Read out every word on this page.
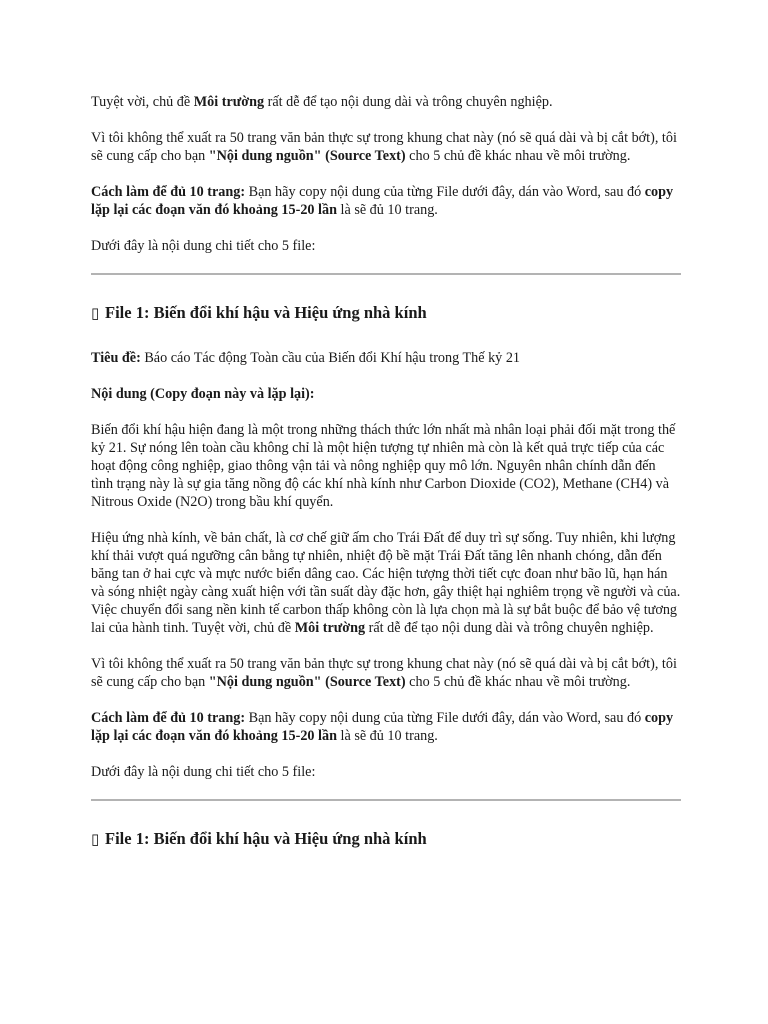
Tuyệt vời, chủ đề Môi trường rất dễ để tạo nội dung dài và trông chuyên nghiệp.

Vì tôi không thể xuất ra 50 trang văn bản thực sự trong khung chat này (nó sẽ quá dài và bị cắt bớt), tôi sẽ cung cấp cho bạn "Nội dung nguồn" (Source Text) cho 5 chủ đề khác nhau về môi trường.

Cách làm để đủ 10 trang: Bạn hãy copy nội dung của từng File dưới đây, dán vào Word, sau đó copy lặp lại các đoạn văn đó khoảng 15-20 lần là sẽ đủ 10 trang.

Dưới đây là nội dung chi tiết cho 5 file:

▯ File 1: Biến đổi khí hậu và Hiệu ứng nhà kính

Tiêu đề: Báo cáo Tác động Toàn cầu của Biến đổi Khí hậu trong Thế kỷ 21

Nội dung (Copy đoạn này và lặp lại):

Biến đổi khí hậu hiện đang là một trong những thách thức lớn nhất mà nhân loại phải đối mặt trong thế kỷ 21. Sự nóng lên toàn cầu không chỉ là một hiện tượng tự nhiên mà còn là kết quả trực tiếp của các hoạt động công nghiệp, giao thông vận tải và nông nghiệp quy mô lớn. Nguyên nhân chính dẫn đến tình trạng này là sự gia tăng nồng độ các khí nhà kính như Carbon Dioxide (CO2), Methane (CH4) và Nitrous Oxide (N2O) trong bầu khí quyển.

Hiệu ứng nhà kính, về bản chất, là cơ chế giữ ấm cho Trái Đất để duy trì sự sống. Tuy nhiên, khi lượng khí thải vượt quá ngưỡng cân bằng tự nhiên, nhiệt độ bề mặt Trái Đất tăng lên nhanh chóng, dẫn đến băng tan ở hai cực và mực nước biển dâng cao. Các hiện tượng thời tiết cực đoan như bão lũ, hạn hán và sóng nhiệt ngày càng xuất hiện với tần suất dày đặc hơn, gây thiệt hại nghiêm trọng về người và của. Việc chuyển đổi sang nền kinh tế carbon thấp không còn là lựa chọn mà là sự bắt buộc để bảo vệ tương lai của hành tinh. Tuyệt vời, chủ đề Môi trường rất dễ để tạo nội dung dài và trông chuyên nghiệp.

Vì tôi không thể xuất ra 50 trang văn bản thực sự trong khung chat này (nó sẽ quá dài và bị cắt bớt), tôi sẽ cung cấp cho bạn "Nội dung nguồn" (Source Text) cho 5 chủ đề khác nhau về môi trường.

Cách làm để đủ 10 trang: Bạn hãy copy nội dung của từng File dưới đây, dán vào Word, sau đó copy lặp lại các đoạn văn đó khoảng 15-20 lần là sẽ đủ 10 trang.

Dưới đây là nội dung chi tiết cho 5 file:

▯ File 1: Biến đổi khí hậu và Hiệu ứng nhà kính
